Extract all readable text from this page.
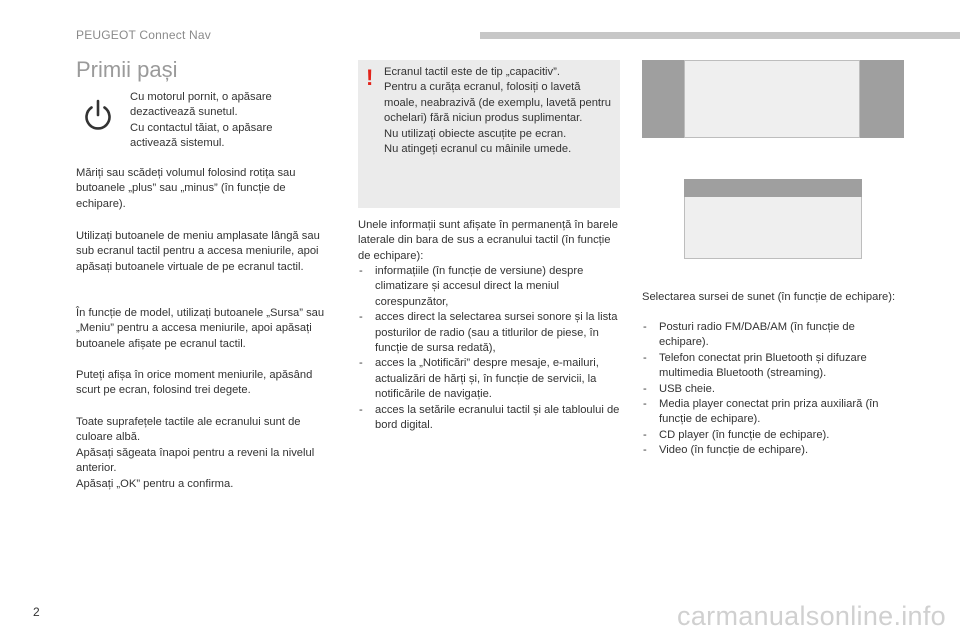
PEUGEOT Connect Nav
Primii pași

Cu motorul pornit, o apăsare dezactivează sunetul.
Cu contactul tăiat, o apăsare activează sistemul.

Măriți sau scădeți volumul folosind rotița sau butoanele „plus” sau „minus” (în funcție de echipare).

Utilizați butoanele de meniu amplasate lângă sau sub ecranul tactil pentru a accesa meniurile, apoi apăsați butoanele virtuale de pe ecranul tactil.

În funcție de model, utilizați butoanele „Sursa” sau „Meniu” pentru a accesa meniurile, apoi apăsați butoanele afișate pe ecranul tactil.

Puteți afișa în orice moment meniurile, apăsând scurt pe ecran, folosind trei degete.

Toate suprafețele tactile ale ecranului sunt de culoare albă.
Apăsați săgeata înapoi pentru a reveni la nivelul anterior.
Apăsați „OK” pentru a confirma.

! Ecranul tactil este de tip „capacitiv”.
Pentru a curăța ecranul, folosiți o lavetă moale, neabrazivă (de exemplu, lavetă pentru ochelari) fără niciun produs suplimentar.
Nu utilizați obiecte ascuțite pe ecran.
Nu atingeți ecranul cu mâinile umede.

Unele informații sunt afișate în permanență în barele laterale din bara de sus a ecranului tactil (în funcție de echipare):

- informațiile (în funcție de versiune) despre climatizare și accesul direct la meniul corespunzător,
- acces direct la selectarea sursei sonore și la lista posturilor de radio (sau a titlurilor de piese, în funcție de sursa redată),
- acces la „Notificări” despre mesaje, e-mailuri, actualizări de hărți și, în funcție de servicii, la notificările de navigație.
- acces la setările ecranului tactil și ale tabloului de bord digital.

Selectarea sursei de sunet (în funcție de echipare):

- Posturi radio FM/DAB/AM (în funcție de echipare).
- Telefon conectat prin Bluetooth și difuzare multimedia Bluetooth (streaming).
- USB cheie.
- Media player conectat prin priza auxiliară (în funcție de echipare).
- CD player (în funcție de echipare).
- Video (în funcție de echipare).
2	carmanualsonline.info
